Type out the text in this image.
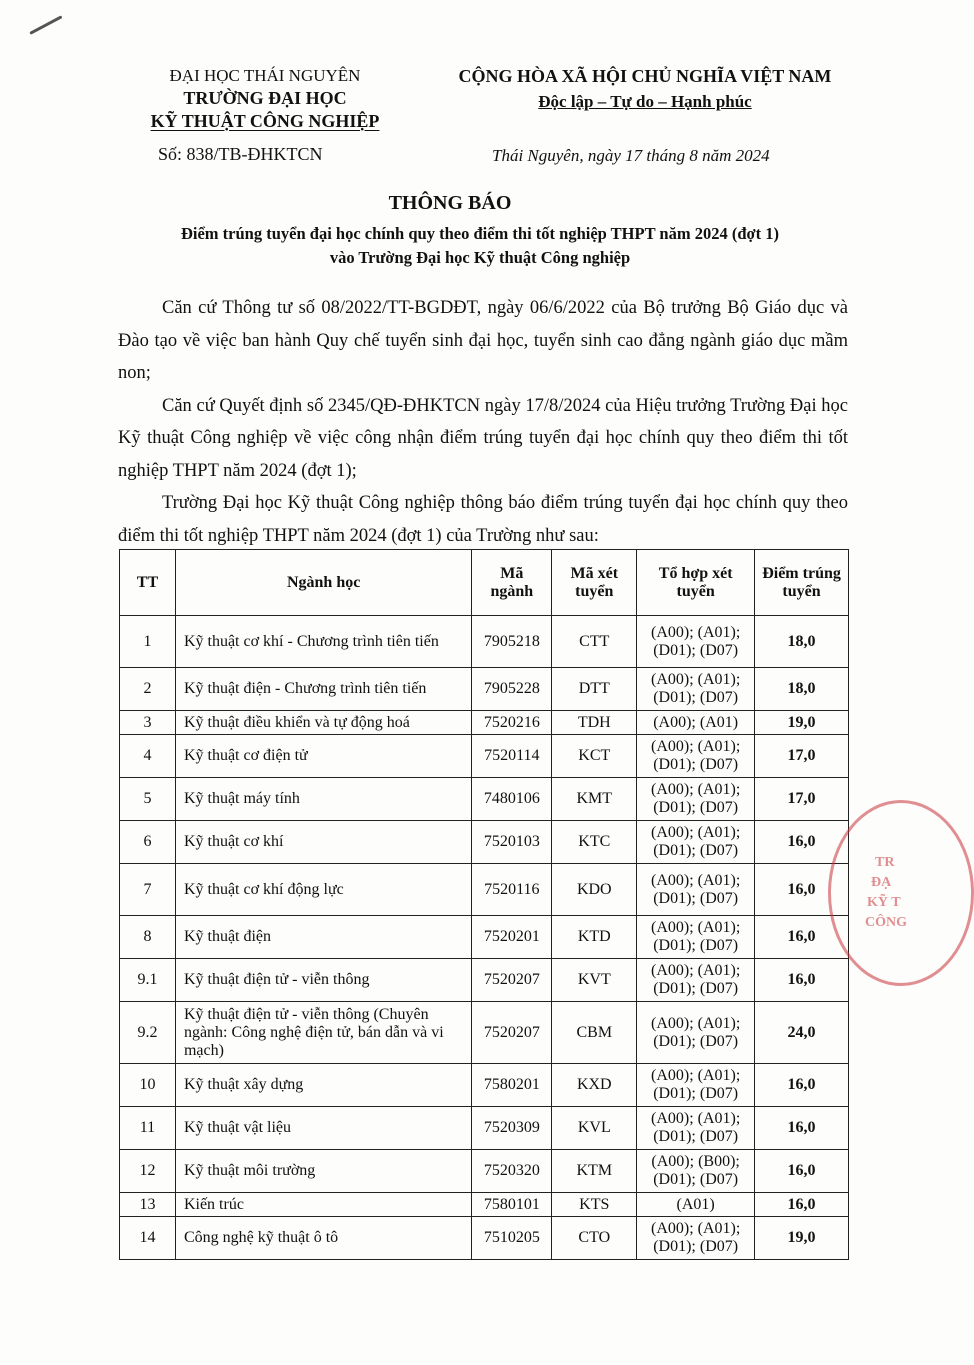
ĐẠI HỌC THÁI NGUYÊN
TRƯỜNG ĐẠI HỌC
KỸ THUẬT CÔNG NGHIỆP
CỘNG HÒA XÃ HỘI CHỦ NGHĨA VIỆT NAM
Độc lập – Tự do – Hạnh phúc
Số: 838/TB-ĐHKTCN	Thái Nguyên, ngày 17 tháng 8 năm 2024
THÔNG BÁO
Điểm trúng tuyển đại học chính quy theo điểm thi tốt nghiệp THPT năm 2024 (đợt 1)
vào Trường Đại học Kỹ thuật Công nghiệp

Căn cứ Thông tư số 08/2022/TT-BGDĐT, ngày 06/6/2022 của Bộ trưởng Bộ Giáo dục và Đào tạo về việc ban hành Quy chế tuyển sinh đại học, tuyển sinh cao đẳng ngành giáo dục mầm non;

Căn cứ Quyết định số 2345/QĐ-ĐHKTCN ngày 17/8/2024 của Hiệu trưởng Trường Đại học Kỹ thuật Công nghiệp về việc công nhận điểm trúng tuyển đại học chính quy theo điểm thi tốt nghiệp THPT năm 2024 (đợt 1);

Trường Đại học Kỹ thuật Công nghiệp thông báo điểm trúng tuyển đại học chính quy theo điểm thi tốt nghiệp THPT năm 2024 (đợt 1) của Trường như sau:

TT	Ngành học	Mã ngành	Mã xét tuyển	Tổ hợp xét tuyển	Điểm trúng tuyển
1	Kỹ thuật cơ khí - Chương trình tiên tiến	7905218	CTT	(A00); (A01); (D01); (D07)	18,0
2	Kỹ thuật điện - Chương trình tiên tiến	7905228	DTT	(A00); (A01); (D01); (D07)	18,0
3	Kỹ thuật điều khiển và tự động hoá	7520216	TDH	(A00); (A01)	19,0
4	Kỹ thuật cơ điện tử	7520114	KCT	(A00); (A01); (D01); (D07)	17,0
5	Kỹ thuật máy tính	7480106	KMT	(A00); (A01); (D01); (D07)	17,0
6	Kỹ thuật cơ khí	7520103	KTC	(A00); (A01); (D01); (D07)	16,0
7	Kỹ thuật cơ khí động lực	7520116	KDO	(A00); (A01); (D01); (D07)	16,0
8	Kỹ thuật điện	7520201	KTD	(A00); (A01); (D01); (D07)	16,0
9.1	Kỹ thuật điện tử - viễn thông	7520207	KVT	(A00); (A01); (D01); (D07)	16,0
9.2	Kỹ thuật điện tử - viễn thông (Chuyên ngành: Công nghệ điện tử, bán dẫn và vi mạch)	7520207	CBM	(A00); (A01); (D01); (D07)	24,0
10	Kỹ thuật xây dựng	7580201	KXD	(A00); (A01); (D01); (D07)	16,0
11	Kỹ thuật vật liệu	7520309	KVL	(A00); (A01); (D01); (D07)	16,0
12	Kỹ thuật môi trường	7520320	KTM	(A00); (B00); (D01); (D07)	16,0
13	Kiến trúc	7580101	KTS	(A01)	16,0
14	Công nghệ kỹ thuật ô tô	7510205	CTO	(A00); (A01); (D01); (D07)	19,0
TR
ĐẠ
KỸ T
CÔNG
